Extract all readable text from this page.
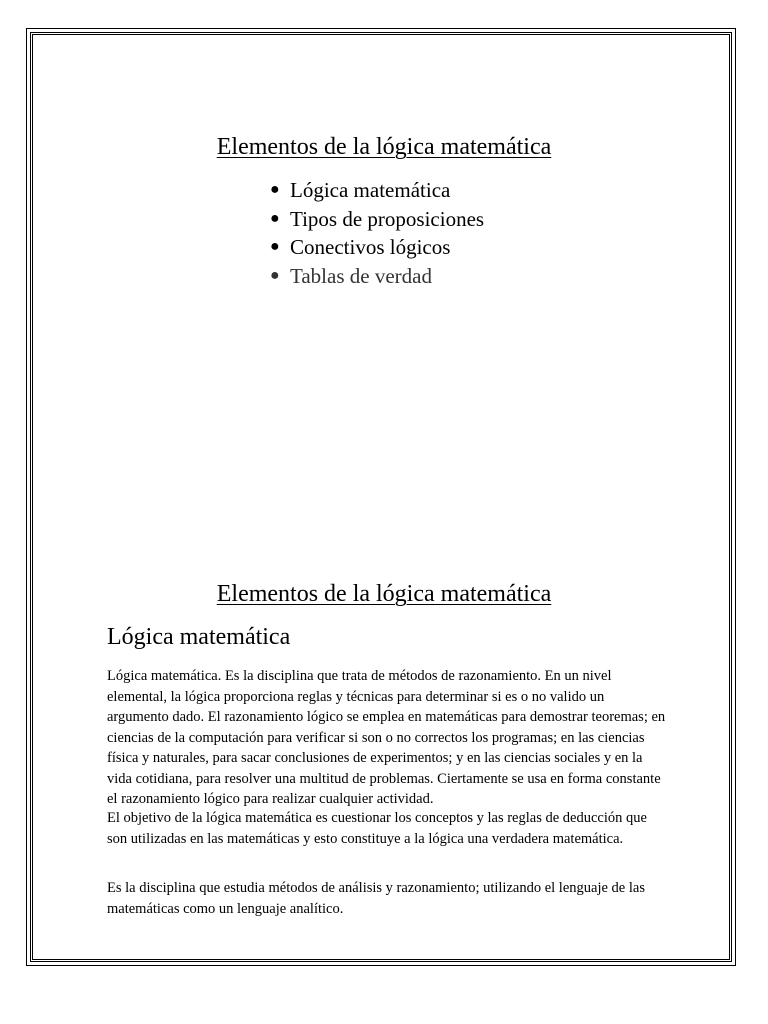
Elementos de la lógica matemática
● Lógica matemática
● Tipos de proposiciones
● Conectivos lógicos
● Tablas de verdad
Elementos de la lógica matemática
Lógica matemática

Lógica matemática. Es la disciplina que trata de métodos de razonamiento. En un nivel elemental, la lógica proporciona reglas y técnicas para determinar si es o no valido un argumento dado. El razonamiento lógico se emplea en matemáticas para demostrar teoremas; en ciencias de la computación para verificar si son o no correctos los programas; en las ciencias física y naturales, para sacar conclusiones de experimentos; y en las ciencias sociales y en la vida cotidiana, para resolver una multitud de problemas. Ciertamente se usa en forma constante el razonamiento lógico para realizar cualquier actividad.

El objetivo de la lógica matemática es cuestionar los conceptos y las reglas de deducción que son utilizadas en las matemáticas y esto constituye a la lógica una verdadera matemática.

Es la disciplina que estudia métodos de análisis y razonamiento; utilizando el lenguaje de las matemáticas como un lenguaje analítico.
